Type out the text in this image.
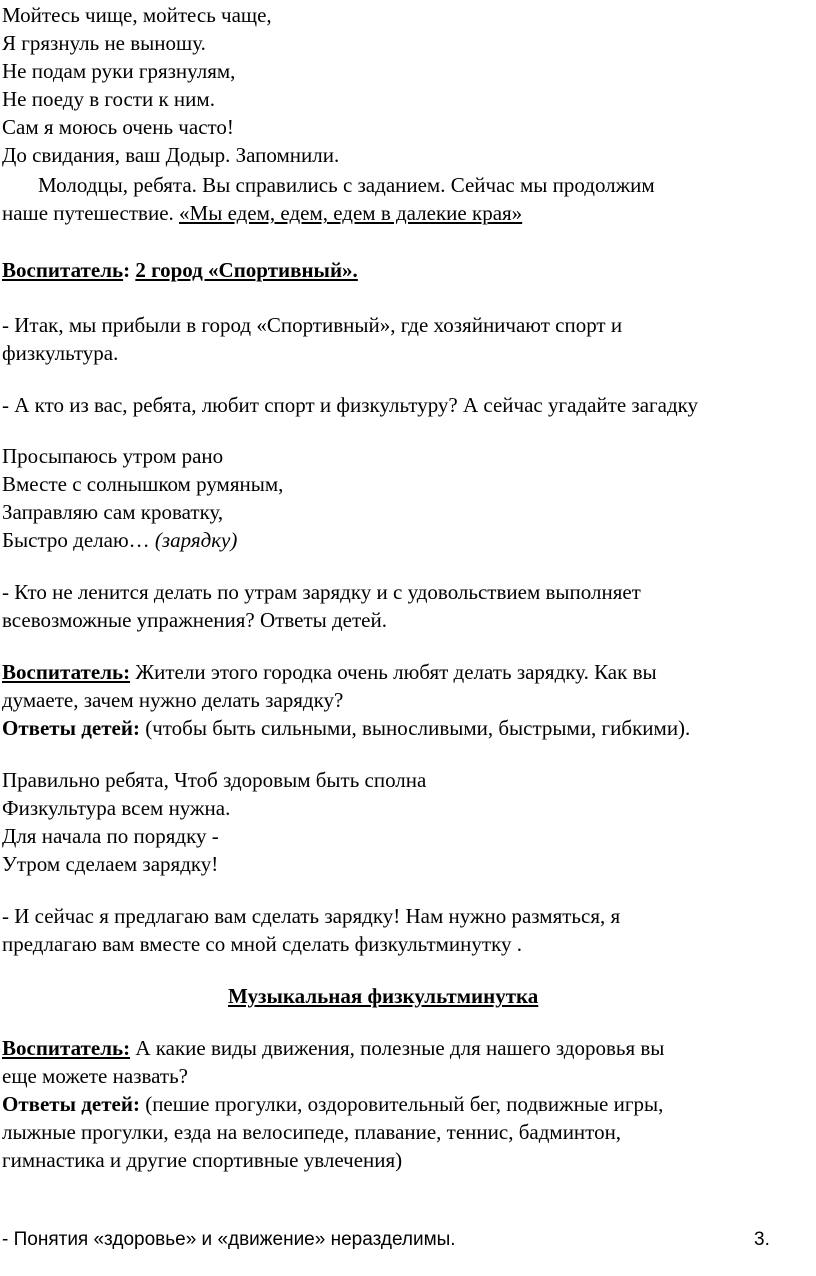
Мойтесь чище, мойтесь чаще,
Я грязнуль не выношу.
Не подам руки грязнулям,
Не поеду в гости к ним.
Сам я моюсь очень часто!
До свидания, ваш Додыр. Запомнили.
Молодцы, ребята. Вы справились с заданием. Сейчас мы продолжим
наше путешествие. «Мы едем, едем, едем в далекие края»
Воспитатель: 2 город «Спортивный».
- Итак, мы прибыли в город «Спортивный», где хозяйничают спорт и
физкультура.
- А кто из вас, ребята, любит спорт и физкультуру? А сейчас угадайте загадку
Просыпаюсь утром рано
Вместе с солнышком румяным,
Заправляю сам кроватку,
Быстро делаю… (зарядку)
- Кто не ленится делать по утрам зарядку и с удовольствием выполняет
всевозможные упражнения? Ответы детей.
Воспитатель: Жители этого городка очень любят делать зарядку. Как вы
думаете, зачем нужно делать зарядку?
Ответы детей: (чтобы быть сильными, выносливыми, быстрыми, гибкими).
Правильно ребята, Чтоб здоровым быть сполна
Физкультура всем нужна.
Для начала по порядку -
Утром сделаем зарядку!
- И сейчас я предлагаю вам сделать зарядку! Нам нужно размяться, я
предлагаю вам вместе со мной сделать физкультминутку .
Музыкальная физкультминутка
Воспитатель: А какие виды движения, полезные для нашего здоровья вы
еще можете назвать?
Ответы детей: (пешие прогулки, оздоровительный бег, подвижные игры,
лыжные прогулки, езда на велосипеде, плавание, теннис, бадминтон,
гимнастика и другие спортивные увлечения)
- Понятия «здоровье» и «движение» неразделимы.	3.
